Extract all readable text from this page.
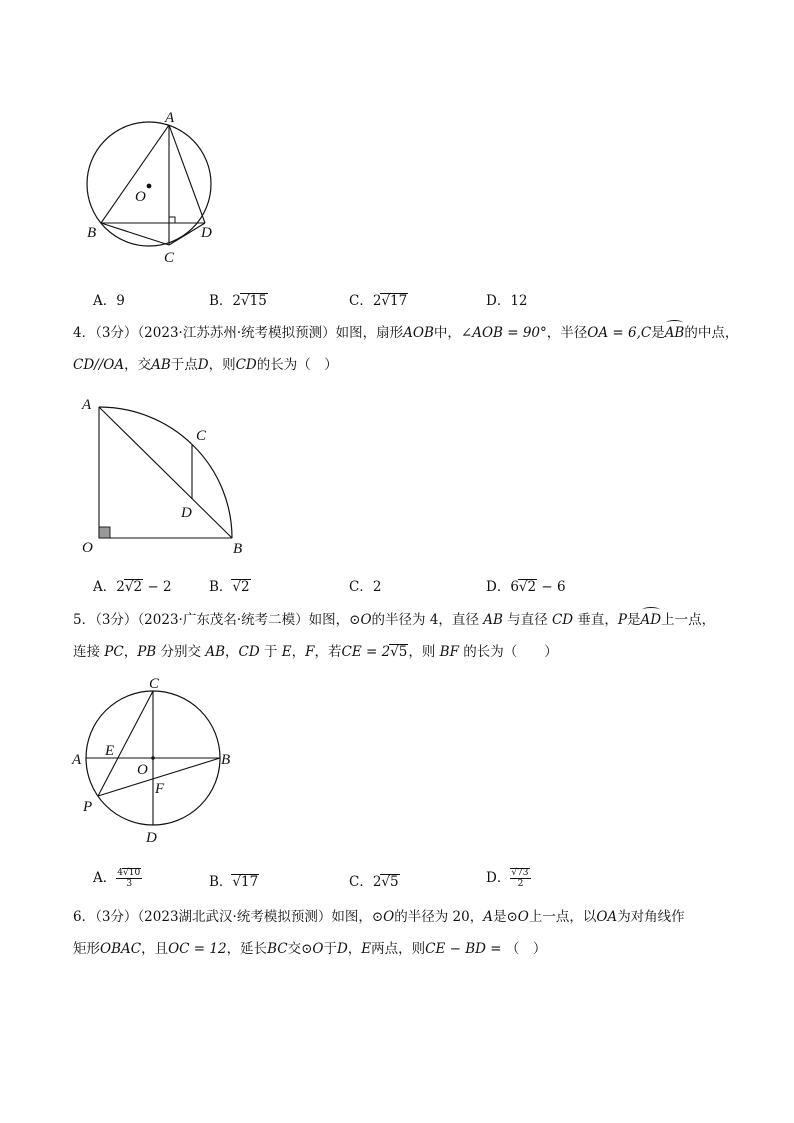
A
O
B	D
C
A．9	B．2√15	C．2√17	D．12
4．（3分）（2023·江苏苏州·统考模拟预测）如图，扇形AOB中，∠AOB = 90°，半径OA = 6,C是AB的中点，
CD//OA，交AB于点D，则CD的长为（　）
A
C
D
O	B
A．2√2 − 2	B．√2	C．2	D．6√2 − 6
5．（3分）（2023·广东茂名·统考二模）如图，⊙O的半径为 4，直径 AB 与直径 CD 垂直，P是AD上一点，
连接 PC，PB 分别交 AB，CD 于 E，F，若CE = 2√5，则 BF 的长为（　　）
C
E
A
O
B
F
P
D
A． $\frac{4√10}{3}$	B．√17	C．2√5	D． $\frac{√73}{2}$
6．（3分）（2023湖北武汉·统考模拟预测）如图，⊙O的半径为 20，A是⊙O上一点，以OA为对角线作
矩形OBAC，且OC = 12，延长BC交⊙O于D，E两点，则CE − BD = （　）
